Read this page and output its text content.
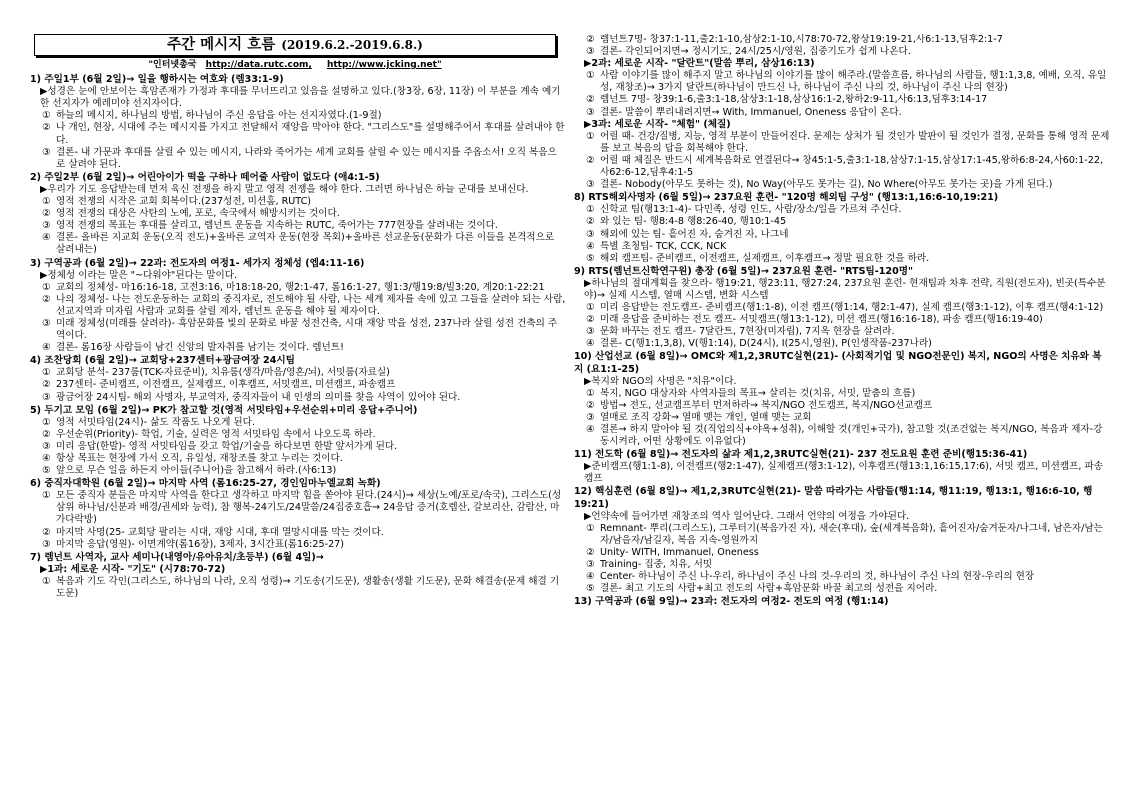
주간 메시지 흐름 (2019.6.2.-2019.6.8.)
"인터넷총국 http://data.rutc.com, http://www.jcking.net"

1) 주일1부 (6월 2일)→ 일을 행하시는 여호와 (렘33:1-9)

▶성경은 눈에 안보이는 흑암존재가 가정과 후대를 무너뜨리고 있음을 설명하고 있다.(창3장, 6장, 11장) 이 부분을 계속 예기한 선지자가 예레미야 선지자이다.

① 하늘의 메시지, 하나님의 방법, 하나님이 주신 응답을 아는 선지자였다.(1-9절)
② 나 개인, 현장, 시대에 주는 메시지를 가지고 전달해서 재앙을 막아야 한다. "그리스도"를 설명해주어서 후대를 살려내야 한다.
③ 결론- 내 가문과 후대를 살릴 수 있는 메시지, 나라와 죽어가는 세계 교회를 살릴 수 있는 메시지를 주옵소서! 오직 복음으로 살려야 된다.

2) 주일2부 (6월 2일)→ 어린아이가 떡을 구하나 떼어줄 사람이 없도다 (애4:1-5)

▶우리가 기도 응답받는데 먼저 육신 전쟁을 하지 말고 영적 전쟁을 해야 한다. 그러면 하나님은 하늘 군대를 보내신다.

① 영적 전쟁의 시작은 교회 회복이다.(237성전, 미션홈, RUTC)
② 영적 전쟁의 대상은 사탄의 노예, 포로, 속국에서 해방시키는 것이다.
③ 영적 전쟁의 목표는 후대를 살리고, 렘넌트 운동을 지속하는 RUTC, 죽어가는 777현장을 살려내는 것이다.
④ 결론- 올바른 지교회 운동(오직 전도)+올바른 교역자 운동(현장 목회)+올바른 선교운동(문화가 다른 이들을 본격적으로 살려내는)

3) 구역공과 (6월 2일)→ 22과: 전도자의 여정1- 세가지 정체성 (엡4:11-16)

▶정체성 이라는 말은 "~다워야"된다는 말이다.

① 교회의 정체성- 마16:16-18, 고전3:16, 마18:18-20, 행2:1-47, 롬16:1-27, 행1:3/행19:8/빌3:20, 계20:1-22:21
② 나의 정체성- 나는 전도운동하는 교회의 중직자로, 전도해야 될 사람, 나는 세계 제자를 속에 있고 그들을 살려야 되는 사람, 선교지역과 미자립 사람과 교회를 살릴 제자, 렘넌트 운동을 해야 될 제자이다.
③ 미래 정체성(미래를 살려라)- 흑암문화를 빛의 문화로 바꿀 성전건축, 시대 재앙 막을 성전, 237나라 살릴 성전 건축의 주역이다.
④ 결론- 롬16장 사람들이 남긴 신앙의 발자취를 남기는 것이다. 렘넌트!

4) 조찬당회 (6월 2일)→ 교회당+237센터+광금여장 24시팀

① 교회당 분석- 237룸(TCK-자료준비), 치유룸(생각/마음/영혼/뇌), 서밋룸(자료실)
② 237센터- 준비캠프, 이전캠프, 실제캠프, 이후캠프, 서밋캠프, 미션캠프, 파송캠프
③ 광금어장 24시팀- 해외 사명자, 부교역자, 중직자들이 내 인생의 의미를 찾을 사역이 있어야 된다.

5) 두기고 모임 (6월 2일)→ PK가 참고할 것(영적 서밋타임+우선순위+미리 응답+주니어)

① 영적 서밋타임(24시)- 삶도 작품도 나오게 된다.
② 우선순위(Priority)- 학업, 기술, 실력은 영적 서밋타임 속에서 나오도록 하라.
③ 미리 응답(한발)- 영적 서밋타임을 갖고 학업/기술을 하다보면 한발 앞서가게 된다.
④ 항상 목표는 현장에 가서 오직, 유일성, 재창조를 찾고 누리는 것이다.
⑤ 앞으로 무슨 일을 하든지 아이들(주니어)을 참고해서 하라.(사6:13)

6) 중직자대학원 (6월 2일)→ 마지막 사역 (롬16:25-27, 경인임마누엘교회 녹화)

① 모든 중직자 분들은 마지막 사역을 한다고 생각하고 마지막 힘을 쏟아야 된다.(24시)→ 세상(노예/포로/속국), 그리스도(성삼위 하나님/신분과 배경/권세와 능력), 참 행복-24기도/24말씀/24집중호흡→ 24응답 증거(호렙산, 갈보리산, 감람산, 마가다락방)
② 마지막 사명(25- 교회당 팔리는 시대, 재앙 시대, 후대 멸망시대를 막는 것이다.
③ 마지막 응답(영원)- 이면계약(롬16장), 3제자, 3시간표(롬16:25-27)

7) 렘넌트 사역자, 교사 세미나(내영아/유아유치/초등부) (6월 4일)→

▶1과: 세로운 시작- "기도" (시78:70-72)

① 복음과 기도 각인(그리스도, 하나님의 나라, 오직 성령)→ 기도송(기도문), 생활송(생활 기도문), 문화 해결송(문제 해결 기도문)
② 렘넌트7명- 창37:1-11,출2:1-10,삼상2:1-10,시78:70-72,왕상19:19-21,사6:1-13,딤후2:1-7
③ 결론- 각인되어지면→ 정시기도, 24시/25시/영원, 집중기도가 쉽게 나온다.

▶2과: 세로운 시작- "달란트"(말씀 뿌리, 삼상16:13)

① 사람 이야기를 많이 해주지 말고 하나님의 이야기를 많이 해주라.(말씀흐름, 하나님의 사람들, 행1:1,3,8, 예배, 오직, 유일성, 재창조)→ 3가지 달란트(하나님이 만드신 나, 하나님이 주신 나의 것, 하나님이 주신 나의 현장)
② 렘넌트 7명- 창39:1-6,출3:1-18,삼상3:1-18,삼상16:1-2,왕하2:9-11,사6:13,딤후3:14-17
③ 결론- 말씀이 뿌리내려지면→ With, Immanuel, Oneness 응답이 온다.

▶3과: 세로운 시작- "체험" (체질)

① 어릴 때- 건강/질병, 지능, 영적 부분이 만들어진다. 문제는 상처가 될 것인가 발판이 될 것인가 결정, 문화를 통해 영적 문제를 보고 복음의 답을 회복해야 한다.
② 어릴 때 체질은 반드시 세계복음화로 연결된다→ 창45:1-5,출3:1-18,삼상7:1-15,삼상17:1-45,왕하6:8-24,사60:1-22,사62:6-12,딤후4:1-5
③ 결론- Nobody(아무도 못하는 것), No Way(아무도 못가는 길), No Where(아무도 못가는 곳)을 가게 된다.)

8) RTS해외사명자 (6월 5일)→ 237요원 훈련- "120명 해외팀 구성" (행13:1,16:6-10,19:21)

① 신학교 팀(행13:1-4)- 다민족, 성령 인도, 사람/장소/일을 가르쳐 주신다.
② 와 있는 팀- 행8:4-8 행8:26-40, 행10:1-45
③ 해외에 있는 팀- 흩어진 자, 숨겨진 자, 나그네
④ 특별 초청팀- TCK, CCK, NCK
⑤ 해외 캠프팀- 준비캠프, 이전캠프, 실제캠프, 이후캠프→ 정말 필요한 것을 하라.

9) RTS(렘넌트신학연구원) 총장 (6월 5일)→ 237요원 훈련- "RTS팀-120명"

▶하나님의 절대계획을 찾으라- 행19:21, 행23:11, 행27:24, 237요원 훈련- 현재팀과 차후 전략, 직원(전도자), 빈곳(특수분야)→ 실제 시스템, 열매 시스템, 변화 시스템

① 미리 응답받는 전도캠프- 준비캠프(행1:1-8), 이전 캠프(행1:14, 행2:1-47), 실제 캠프(행3:1-12), 이후 캠프(행4:1-12)
② 미래 응답을 준비하는 전도 캠프- 서밋캠프(행13:1-12), 미션 캠프(행16:16-18), 파송 캠프(행16:19-40)
③ 문화 바꾸는 전도 캠프- 7달란트, 7현장(미자립), 7지옥 현장을 살려라.
④ 결론- C(행1:1,3,8), V(행1:14), D(24시), I(25시,영원), P(인생작품-237나라)

10) 산업선교 (6월 8일)→ OMC와 제1,2,3RUTC실현(21)- (사회적기업 및 NGO전문인) 복지, NGO의 사명은 치유와 복지 (요1:1-25)

▶복지와 NGO의 사명은 "치유"이다.

① 복지, NGO 대상자와 사역자들의 목표→ 살리는 것(치유, 서밋, 맡춤의 흐름)
② 방법→ 전도, 선교캠프부터 먼저하라→ 복지/NGO 전도캠프, 복지/NGO선교캠프
③ 열매로 조직 강화→ 열매 맺는 개인, 열매 맺는 교회
④ 결론→ 하지 말아야 될 것(직업의식+야욕+성취), 이해할 것(개인+국가), 참고할 것(조건없는 복지/NGO, 복음과 제자-강동시켜라, 어떤 상황에도 이유없다)

11) 전도학 (6월 8일)→ 전도자의 삶과 제1,2,3RUTC실현(21)- 237 전도요원 훈련 준비(행15:36-41)

▶준비캠프(행1:1-8), 이전캠프(행2:1-47), 실제캠프(행3:1-12), 이후캠프(행13:1,16:15,17:6), 서밋 캠프, 미션캠프, 파송캠프

12) 핵심훈련 (6월 8일)→ 제1,2,3RUTC실현(21)- 말씀 따라가는 사람들(행1:14, 행11:19, 행13:1, 행16:6-10, 행19:21)

▶언약속에 들어가면 재창조의 역사 일어난다. 그래서 언약의 여정을 가야된다.

① Remnant- 뿌리(그리스도), 그루터기(복음가진 자), 새순(후대), 숲(세계복음화), 흩어진자/숨겨둔자/나그네, 남은자/남는자/남을자/남길자, 복음 지속-영원까지
② Unity- WITH, Immanuel, Oneness
③ Training- 집중, 치유, 서밋
④ Center- 하나님이 주신 나-우리, 하나님이 주신 나의 것-우리의 것, 하나님이 주신 나의 현장-우리의 현장
⑤ 결론- 최고 기도의 사람+최고 전도의 사람+흑암문화 바꿀 최고의 성전을 지어라.

13) 구역공과 (6월 9일)→ 23과: 전도자의 여정2- 전도의 여정 (행1:14)
